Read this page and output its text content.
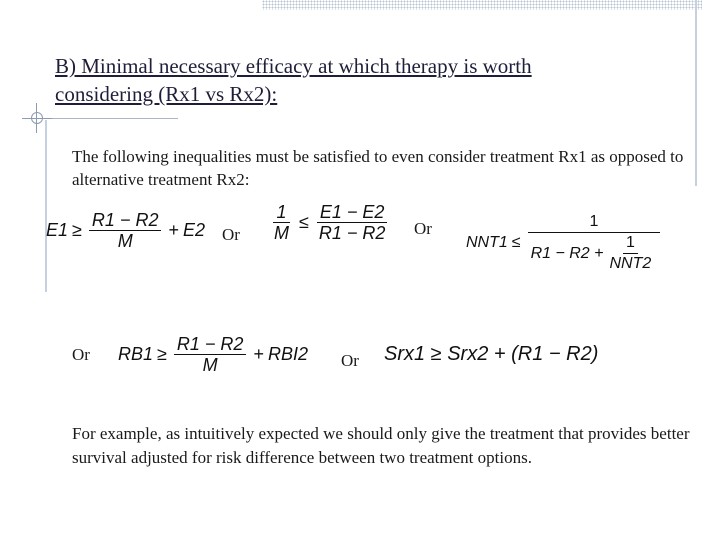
B) Minimal necessary efficacy at which therapy is worth considering (Rx1 vs Rx2):
The following inequalities must be satisfied to even consider treatment Rx1 as opposed to alternative treatment Rx2:
$E1 \ge \frac{R1 - R2}{M} + E2$ Or $\frac{1}{M} \le \frac{E1 - E2}{R1 - R2}$ Or
$NNT1 \le \frac{1}{R1 - R2 + \frac{1}{\text{NNT2}}}$
Or $RB1 \ge \frac{R1 - R2}{M} + RBI2$ Or Srx1 ≥ Srx2 + (R1 − R2)
For example, as intuitively expected we should only give the treatment that provides better survival adjusted for risk difference between two treatment options.
